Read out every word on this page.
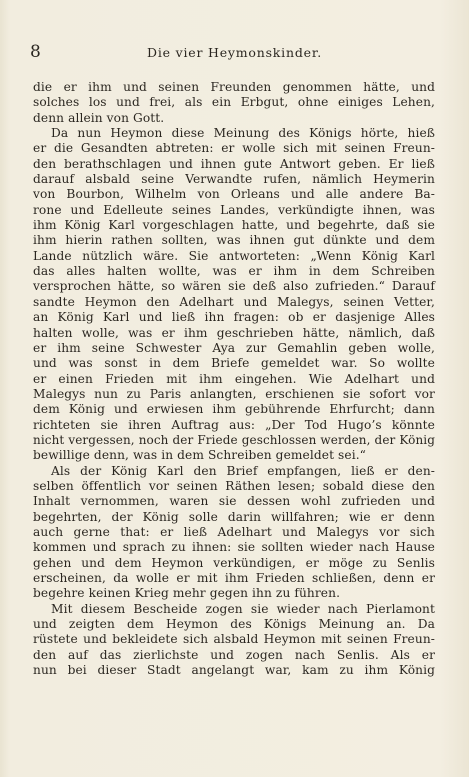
8	Die vier Heymonskinder.
die er ihm und seinen Freunden genommen hätte, und
solches los und frei, als ein Erbgut, ohne einiges Lehen,
denn allein von Gott.
Da nun Heymon diese Meinung des Königs hörte, hieß
er die Gesandten abtreten: er wolle sich mit seinen Freun-
den berathschlagen und ihnen gute Antwort geben. Er ließ
darauf alsbald seine Verwandte rufen, nämlich Heymerin
von Bourbon, Wilhelm von Orleans und alle andere Ba-
rone und Edelleute seines Landes, verkündigte ihnen, was
ihm König Karl vorgeschlagen hatte, und begehrte, daß sie
ihm hierin rathen sollten, was ihnen gut dünkte und dem
Lande nützlich wäre. Sie antworteten: „Wenn König Karl
das alles halten wollte, was er ihm in dem Schreiben
versprochen hätte, so wären sie deß also zufrieden.“ Darauf
sandte Heymon den Adelhart und Malegys, seinen Vetter,
an König Karl und ließ ihn fragen: ob er dasjenige Alles
halten wolle, was er ihm geschrieben hätte, nämlich, daß
er ihm seine Schwester Aya zur Gemahlin geben wolle,
und was sonst in dem Briefe gemeldet war. So wollte
er einen Frieden mit ihm eingehen. Wie Adelhart und
Malegys nun zu Paris anlangten, erschienen sie sofort vor
dem König und erwiesen ihm gebührende Ehrfurcht; dann
richteten sie ihren Auftrag aus: „Der Tod Hugo’s könnte
nicht vergessen, noch der Friede geschlossen werden, der König
bewillige denn, was in dem Schreiben gemeldet sei.“
Als der König Karl den Brief empfangen, ließ er den-
selben öffentlich vor seinen Räthen lesen; sobald diese den
Inhalt vernommen, waren sie dessen wohl zufrieden und
begehrten, der König solle darin willfahren; wie er denn
auch gerne that: er ließ Adelhart und Malegys vor sich
kommen und sprach zu ihnen: sie sollten wieder nach Hause
gehen und dem Heymon verkündigen, er möge zu Senlis
erscheinen, da wolle er mit ihm Frieden schließen, denn er
begehre keinen Krieg mehr gegen ihn zu führen.
Mit diesem Bescheide zogen sie wieder nach Pierlamont
und zeigten dem Heymon des Königs Meinung an. Da
rüstete und bekleidete sich alsbald Heymon mit seinen Freun-
den auf das zierlichste und zogen nach Senlis. Als er
nun bei dieser Stadt angelangt war, kam zu ihm König
